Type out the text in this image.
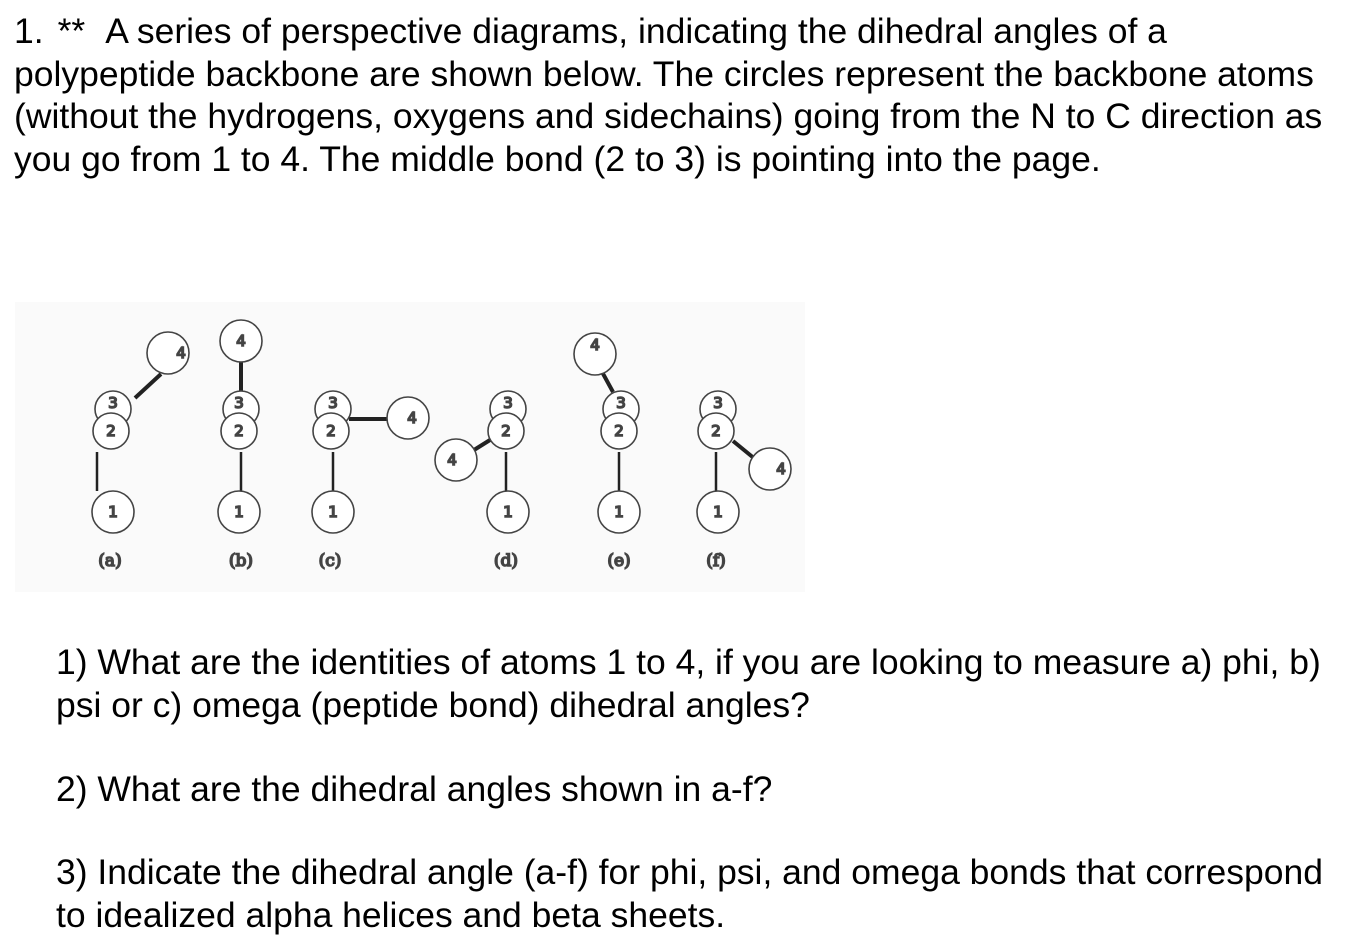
1. ** A series of perspective diagrams, indicating the dihedral angles of a polypeptide backbone are shown below. The circles represent the backbone atoms (without the hydrogens, oxygens and sidechains) going from the N to C direction as you go from 1 to 4. The middle bond (2 to 3) is pointing into the page.

1
2
3
4
(a)
1
2
3
4
(b)
1
2
3
4
(c)
1
2
3
4
(d)
1
2
3
4
(e)
1
2
3
4
(f)

1) What are the identities of atoms 1 to 4, if you are looking to measure a) phi, b) psi or c) omega (peptide bond) dihedral angles?

2) What are the dihedral angles shown in a-f?

3) Indicate the dihedral angle (a-f) for phi, psi, and omega bonds that correspond to idealized alpha helices and beta sheets.
